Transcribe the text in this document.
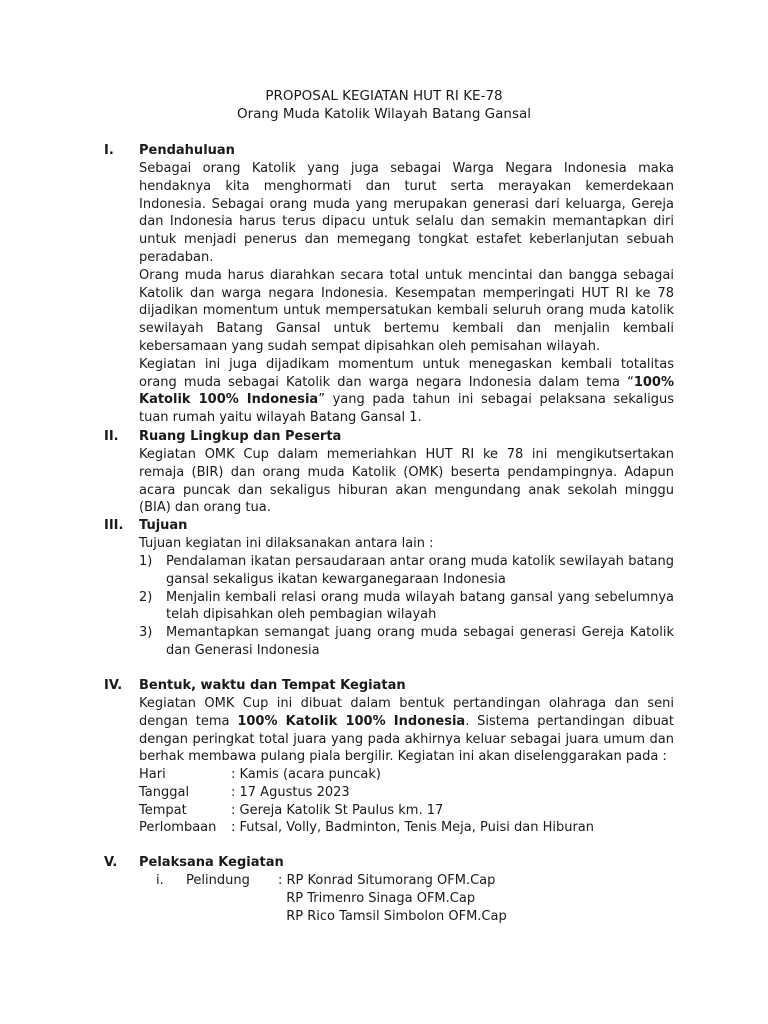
PROPOSAL KEGIATAN HUT RI KE-78
Orang Muda Katolik Wilayah Batang Gansal
I. Pendahuluan

Sebagai orang Katolik yang juga sebagai Warga Negara Indonesia maka hendaknya kita menghormati dan turut serta merayakan kemerdekaan Indonesia. Sebagai orang muda yang merupakan generasi dari keluarga, Gereja dan Indonesia harus terus dipacu untuk selalu dan semakin memantapkan diri untuk menjadi penerus dan memegang tongkat estafet keberlanjutan sebuah peradaban.

Orang muda harus diarahkan secara total untuk mencintai dan bangga sebagai Katolik dan warga negara Indonesia. Kesempatan memperingati HUT RI ke 78 dijadikan momentum untuk mempersatukan kembali seluruh orang muda katolik sewilayah Batang Gansal untuk bertemu kembali dan menjalin kembali kebersamaan yang sudah sempat dipisahkan oleh pemisahan wilayah.

Kegiatan ini juga dijadikam momentum untuk menegaskan kembali totalitas orang muda sebagai Katolik dan warga negara Indonesia dalam tema “100% Katolik 100% Indonesia” yang pada tahun ini sebagai pelaksana sekaligus tuan rumah yaitu wilayah Batang Gansal 1.

II. Ruang Lingkup dan Peserta

Kegiatan OMK Cup dalam memeriahkan HUT RI ke 78 ini mengikutsertakan remaja (BIR) dan orang muda Katolik (OMK) beserta pendampingnya. Adapun acara puncak dan sekaligus hiburan akan mengundang anak sekolah minggu (BIA) dan orang tua.

III. Tujuan
Tujuan kegiatan ini dilaksanakan antara lain :

1) Pendalaman ikatan persaudaraan antar orang muda katolik sewilayah batang gansal sekaligus ikatan kewarganegaraan Indonesia

2) Menjalin kembali relasi orang muda wilayah batang gansal yang sebelumnya telah dipisahkan oleh pembagian wilayah

3) Memantapkan semangat juang orang muda sebagai generasi Gereja Katolik dan Generasi Indonesia

IV. Bentuk, waktu dan Tempat Kegiatan

Kegiatan OMK Cup ini dibuat dalam bentuk pertandingan olahraga dan seni dengan tema 100% Katolik 100% Indonesia. Sistema pertandingan dibuat dengan peringkat total juara yang pada akhirnya keluar sebagai juara umum dan berhak membawa pulang piala bergilir. Kegiatan ini akan diselenggarakan pada :

Hari	: Kamis (acara puncak)
Tanggal	: 17 Agustus 2023
Tempat	: Gereja Katolik St Paulus km. 17
Perlombaan : Futsal, Volly, Badminton, Tenis Meja, Puisi dan Hiburan
V. Pelaksana Kegiatan
i. Pelindung : RP Konrad Situmorang OFM.Cap
RP Trimenro Sinaga OFM.Cap
RP Rico Tamsil Simbolon OFM.Cap
